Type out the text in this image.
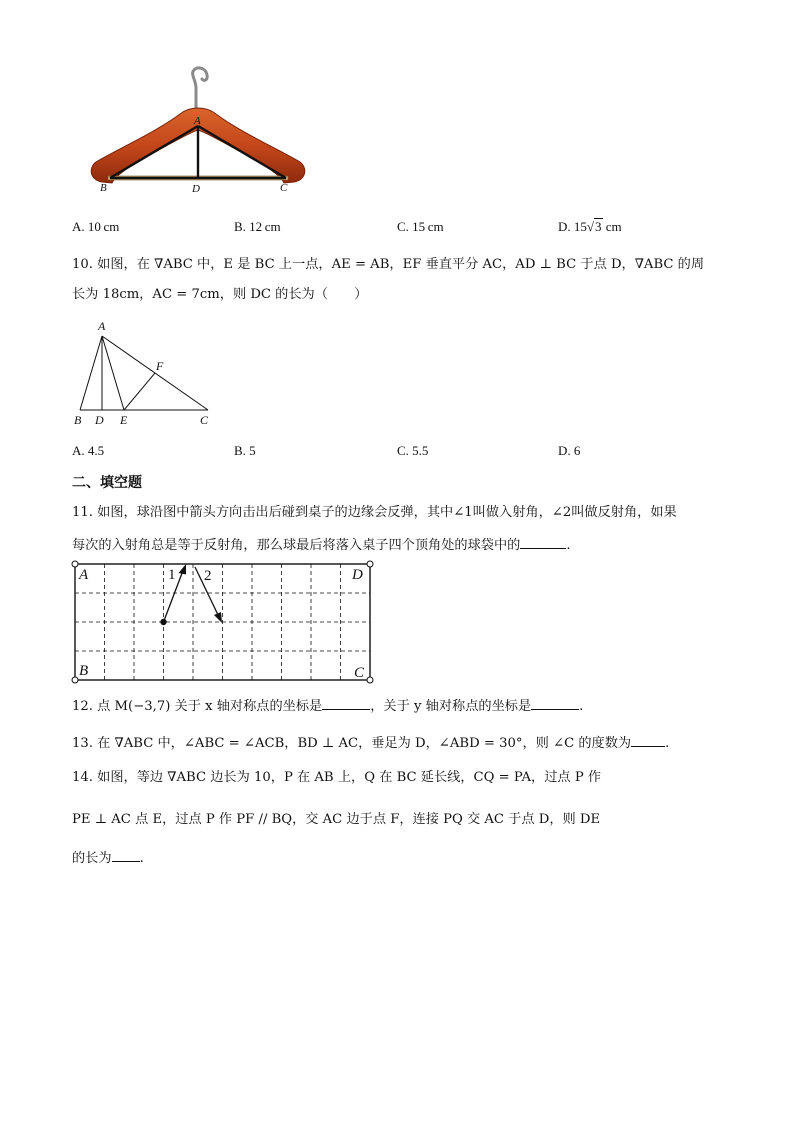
A
B	D	C
A. 10 cm	B. 12 cm	C. 15 cm	D. 15√3 cm
10. 如图，在 ∇ABC 中，E 是 BC 上一点，AE = AB，EF 垂直平分 AC，AD ⊥ BC 于点 D，∇ABC 的周
长为 18cm，AC = 7cm，则 DC 的长为（　　）
A
B D E	C
F
A. 4.5	B. 5	C. 5.5	D. 6
二、填空题
11. 如图，球沿图中箭头方向击出后碰到桌子的边缘会反弹，其中∠1叫做入射角，∠2叫做反射角，如果
每次的入射角总是等于反射角，那么球最后将落入桌子四个顶角处的球袋中的	.
A	D
B	C
1 2
12. 点 M(−3,7) 关于 x 轴对称点的坐标是	，关于 y 轴对称点的坐标是	.
13. 在 ∇ABC 中，∠ABC = ∠ACB，BD ⊥ AC，垂足为 D，∠ABD = 30°，则 ∠C 的度数为	.
14. 如图，等边 ∇ABC 边长为 10，P 在 AB 上，Q 在 BC 延长线，CQ = PA，过点 P 作
PE ⊥ AC 点 E，过点 P 作 PF // BQ，交 AC 边于点 F，连接 PQ 交 AC 于点 D，则 DE
的长为 .
